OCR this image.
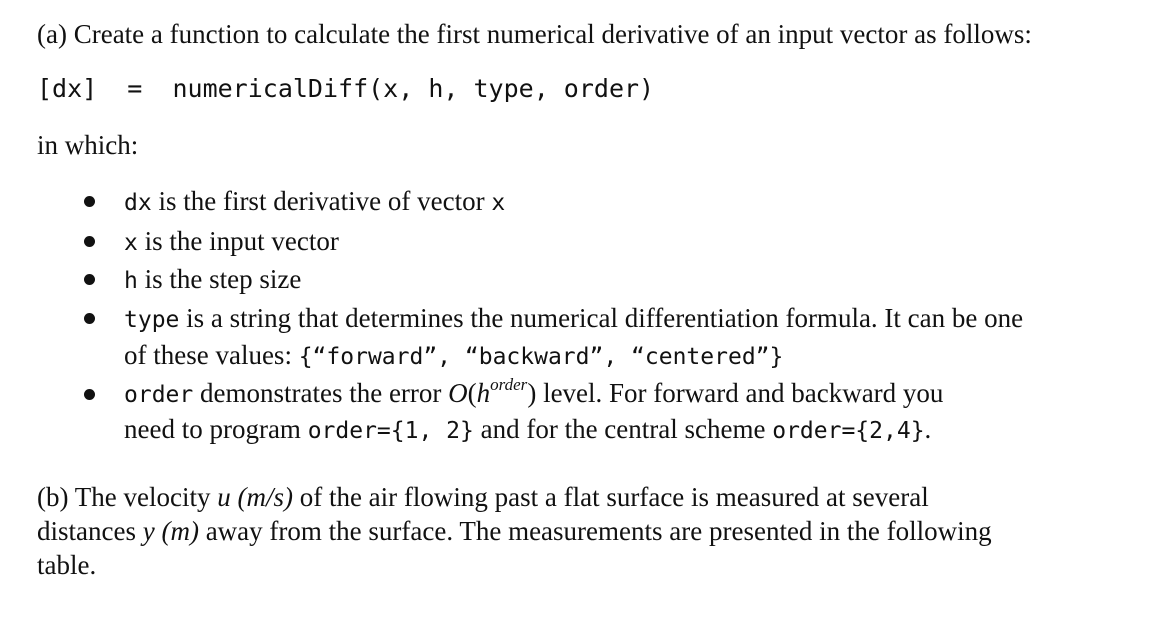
(a) Create a function to calculate the first numerical derivative of an input vector as follows:
[dx]  =  numericalDiff(x, h, type, order)
in which:
dx is the first derivative of vector x
x is the input vector
h is the step size
type is a string that determines the numerical differentiation formula. It can be one
of these values: {“forward”, “backward”, “centered”}
order demonstrates the error $O(h^{order})$ level. For forward and backward you
need to program order={1, 2} and for the central scheme order={2,4}.
(b) The velocity u (m/s) of the air flowing past a flat surface is measured at several
distances y (m) away from the surface. The measurements are presented in the following
table.
